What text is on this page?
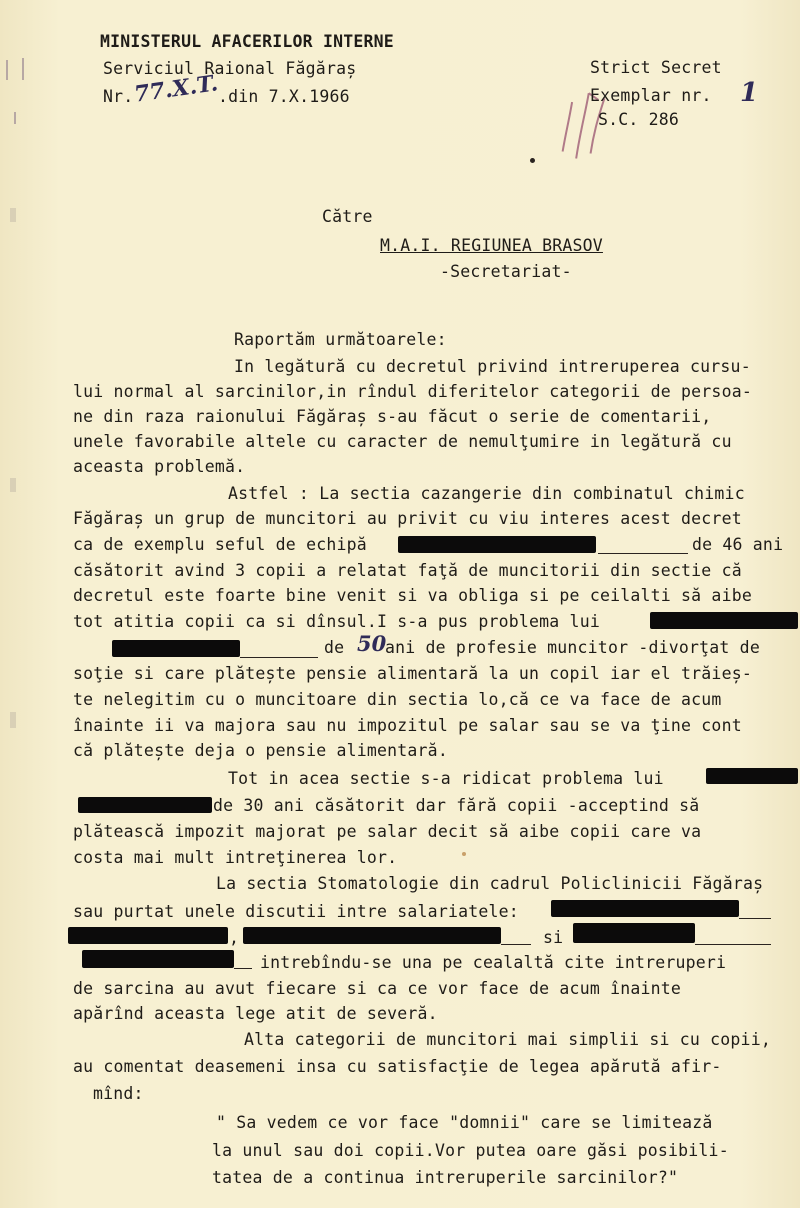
MINISTERUL AFACERILOR INTERNE
Serviciul Raional Făgăraș
Nr. 77.X.T.
.din 7.X.1966

Strict Secret
Exemplar nr. 1
S.C. 286
Către
M.A.I. REGIUNEA BRASOV
-Secretariat-
Raportăm următoarele:
In legătură cu decretul privind intreruperea cursu-
lui normal al sarcinilor,in rîndul diferitelor categorii de persoa-
ne din raza raionului Făgăraș s-au făcut o serie de comentarii,
unele favorabile altele cu caracter de nemulţumire in legătură cu
aceasta problemă.
Astfel : La sectia cazangerie din combinatul chimic
Făgăraș un grup de muncitori au privit cu viu interes acest decret
ca de exemplu seful de echipă	de 46 ani
căsătorit avind 3 copii a relatat faţă de muncitorii din sectie că
decretul este foarte bine venit si va obliga si pe ceilalti să aibe
tot atitia copii ca si dînsul.I s-a pus problema lui
de 50
ani de profesie muncitor -divorţat de
soţie si care plătește pensie alimentară la un copil iar el trăieș-
te nelegitim cu o muncitoare din sectia lo,că ce va face de acum
înainte ii va majora sau nu impozitul pe salar sau se va ţine cont
că plătește deja o pensie alimentară.
Tot in acea sectie s-a ridicat problema lui
de 30 ani căsătorit dar fără copii -acceptind să
plătească impozit majorat pe salar decit să aibe copii care va
costa mai mult intreţinerea lor.
La sectia Stomatologie din cadrul Policlinicii Făgăraș
sau purtat unele discutii intre salariatele:
,	si
intrebîndu-se una pe cealaltă cite intreruperi
de sarcina au avut fiecare si ca ce vor face de acum înainte
apărînd aceasta lege atit de severă.
Alta categorii de muncitori mai simplii si cu copii,
au comentat deasemeni insa cu satisfacţie de legea apărută afir-
mînd:
" Sa vedem ce vor face "domnii" care se limitează
la unul sau doi copii.Vor putea oare găsi posibili-
tatea de a continua intreruperile sarcinilor?"
